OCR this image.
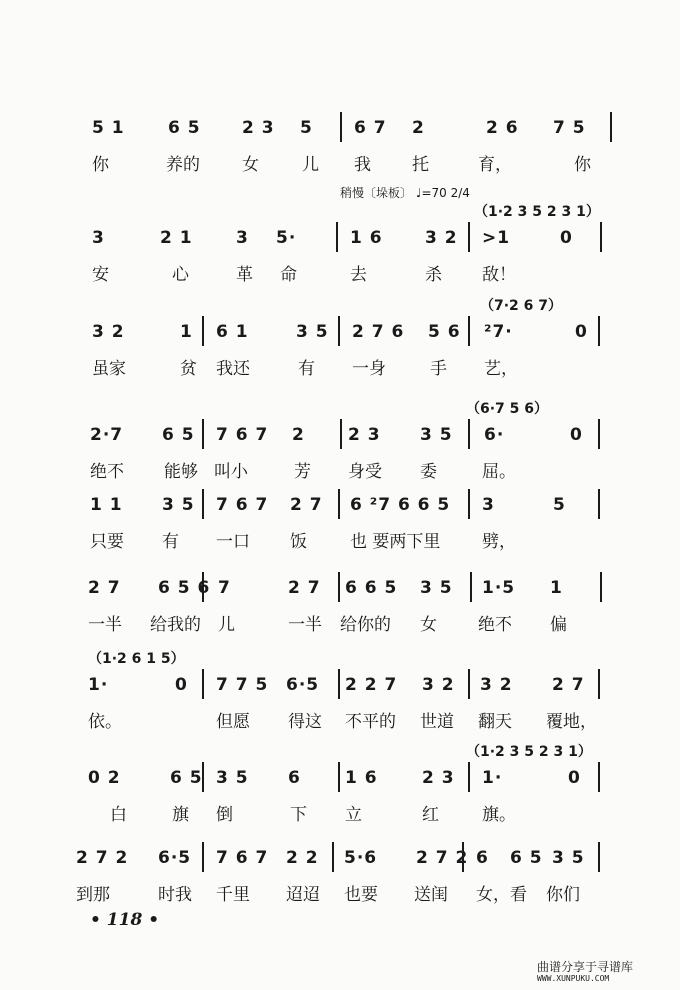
5 1	6 5 2 3 5 6 7 2	2 6 7 5
你	养的 女	儿 我 托	育，	你
稍慢〔垛板〕 ♩=70 2/4
（1·2 3 5 2 3 1）
3	2 1	3 5·	1 6 3 2 >1	0
安	心	革 命	去	杀 敌！
（7·2 6 7）
3 2	1 6 1	3 5 2 7 6 5 6 ²7·	0
虽家	贫 我还	有 一身	手 艺，
（6·7 5 6）
2·7 6 5 7 6 7 2	2 3 3 5 6·	0
绝不 能够 叫小	芳 身受 委	屈。
1 1 3 5 7 6 7 2 7 6 ²7 6 6 5 3	5
只要 有 一口 饭	也 要两下里 劈，
2 7 6 5 6 7	2 7 6 6 5 3 5 1·5 1
一半 给我的 儿	一半 给你的 女 绝不 偏
（1·2 6 1 5）
1·	0 7 7 5 6·5 2 2 7 3 2 3 2 2 7
依。	但愿 得这 不平的 世道 翻天 覆地，
（1·2 3 5 2 3 1）
0 2	6 5 3 5 6	1 6	2 3 1·	0
白	旗 倒	下 立	红	旗。
2 7 2 6·5 7 6 7 2 2 5·6 2 7 2 6 6 5 3 5
到那	时我 千里 迢迢 也要 送闺 女，看 你们
• 118 •
曲谱分享于寻谱库
WWW.XUNPUKU.COM
